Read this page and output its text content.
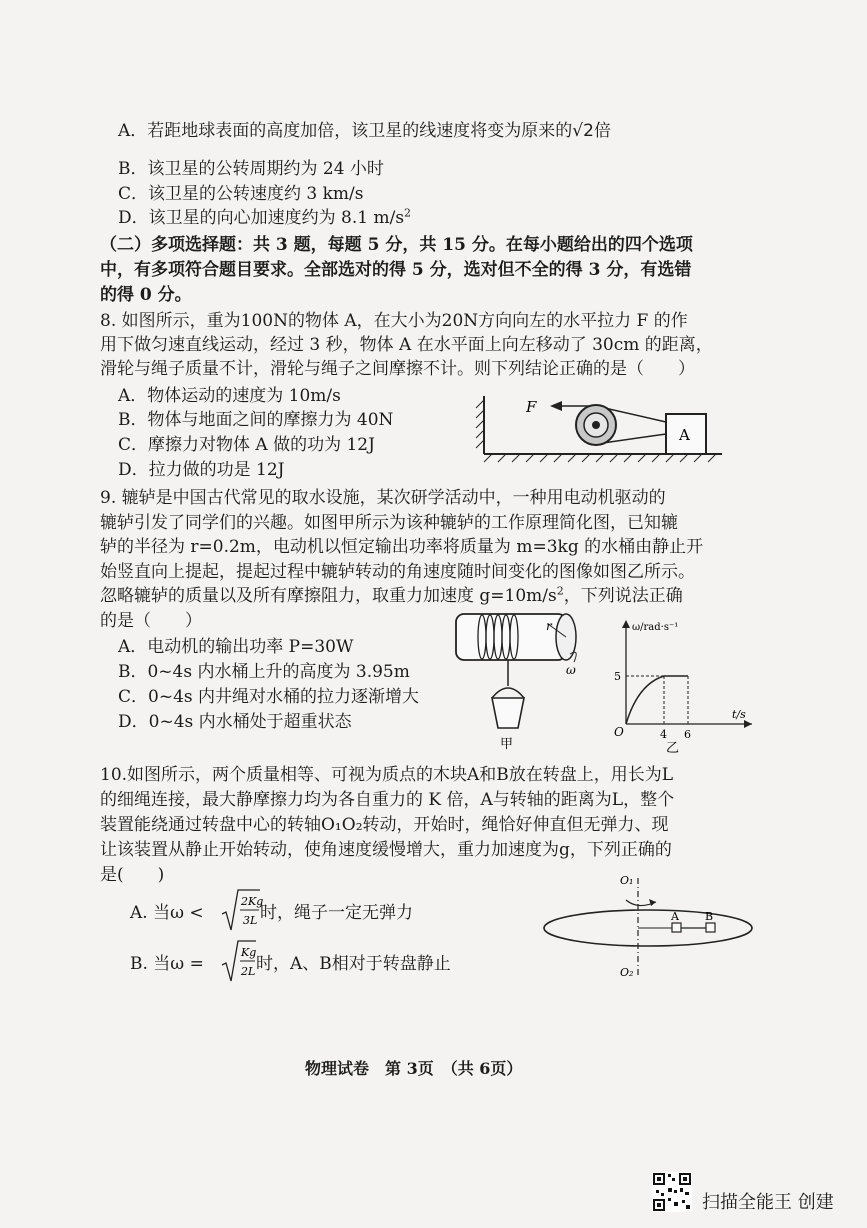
A．若距地球表面的高度加倍，该卫星的线速度将变为原来的√2倍
B．该卫星的公转周期约为 24 小时
C．该卫星的公转速度约 3 km/s
D．该卫星的向心加速度约为 8.1 $m/s^2$
（二）多项选择题：共 3 题，每题 5 分，共 15 分。在每小题给出的四个选项
中，有多项符合题目要求。全部选对的得 5 分，选对但不全的得 3 分，有选错
的得 0 分。
8. 如图所示，重为100N的物体 A，在大小为20N方向向左的水平拉力 F 的作
用下做匀速直线运动，经过 3 秒，物体 A 在水平面上向左移动了 30cm 的距离，
滑轮与绳子质量不计，滑轮与绳子之间摩擦不计。则下列结论正确的是（　　）
A．物体运动的速度为 10m/s
B．物体与地面之间的摩擦力为 40N
C．摩擦力对物体 A 做的功为 12J
D．拉力做的功是 12J
F
A
9. 辘轳是中国古代常见的取水设施，某次研学活动中，一种用电动机驱动的
辘轳引发了同学们的兴趣。如图甲所示为该种辘轳的工作原理简化图，已知辘
轳的半径为 r=0.2m，电动机以恒定输出功率将质量为 m=3kg 的水桶由静止开
始竖直向上提起，提起过程中辘轳转动的角速度随时间变化的图像如图乙所示。
忽略辘轳的质量以及所有摩擦阻力，取重力加速度 $g=10m/s^2$，下列说法正确
的是（　　）
A．电动机的输出功率 P=30W
B．0~4s 内水桶上升的高度为 3.95m
C．0~4s 内井绳对水桶的拉力逐渐增大
D．0~4s 内水桶处于超重状态
r
ω
甲
ω/rad·s⁻¹
t/s
O
5
4 6
乙
10.如图所示，两个质量相等、可视为质点的木块A和B放在转盘上，用长为L
的细绳连接，最大静摩擦力均为各自重力的 K 倍，A与转轴的距离为L，整个
装置能绕通过转盘中心的转轴O₁O₂转动，开始时，绳恰好伸直但无弹力、现
让该装置从静止开始转动，使角速度缓慢增大，重力加速度为g，下列正确的
是(　　)
A. 当ω <
2Kg
3L 时，绳子一定无弹力
B. 当ω =
Kg
2L 时，A、B相对于转盘静止
O₁
O₂
A B
物理试卷　第 3页　（共 6页）
扫描全能王 创建
